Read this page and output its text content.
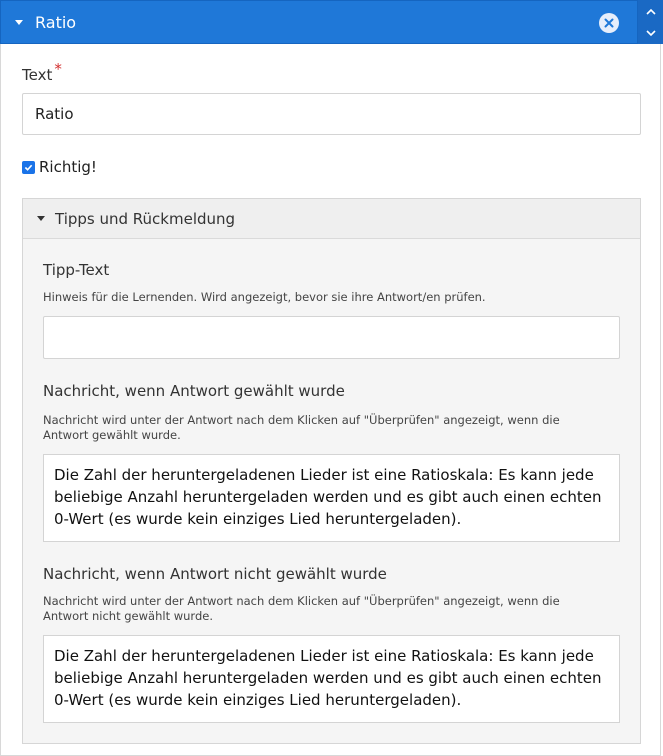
Ratio
Text *
Ratio
Richtig!
Tipps und Rückmeldung
Tipp-Text
Hinweis für die Lernenden. Wird angezeigt, bevor sie ihre Antwort/en prüfen.
Nachricht, wenn Antwort gewählt wurde
Nachricht wird unter der Antwort nach dem Klicken auf "Überprüfen" angezeigt, wenn die Antwort gewählt wurde.
Die Zahl der heruntergeladenen Lieder ist eine Ratioskala: Es kann jede beliebige Anzahl heruntergeladen werden und es gibt auch einen echten 0-Wert (es wurde kein einziges Lied heruntergeladen).
Nachricht, wenn Antwort nicht gewählt wurde
Nachricht wird unter der Antwort nach dem Klicken auf "Überprüfen" angezeigt, wenn die Antwort nicht gewählt wurde.
Die Zahl der heruntergeladenen Lieder ist eine Ratioskala: Es kann jede beliebige Anzahl heruntergeladen werden und es gibt auch einen echten 0-Wert (es wurde kein einziges Lied heruntergeladen).
